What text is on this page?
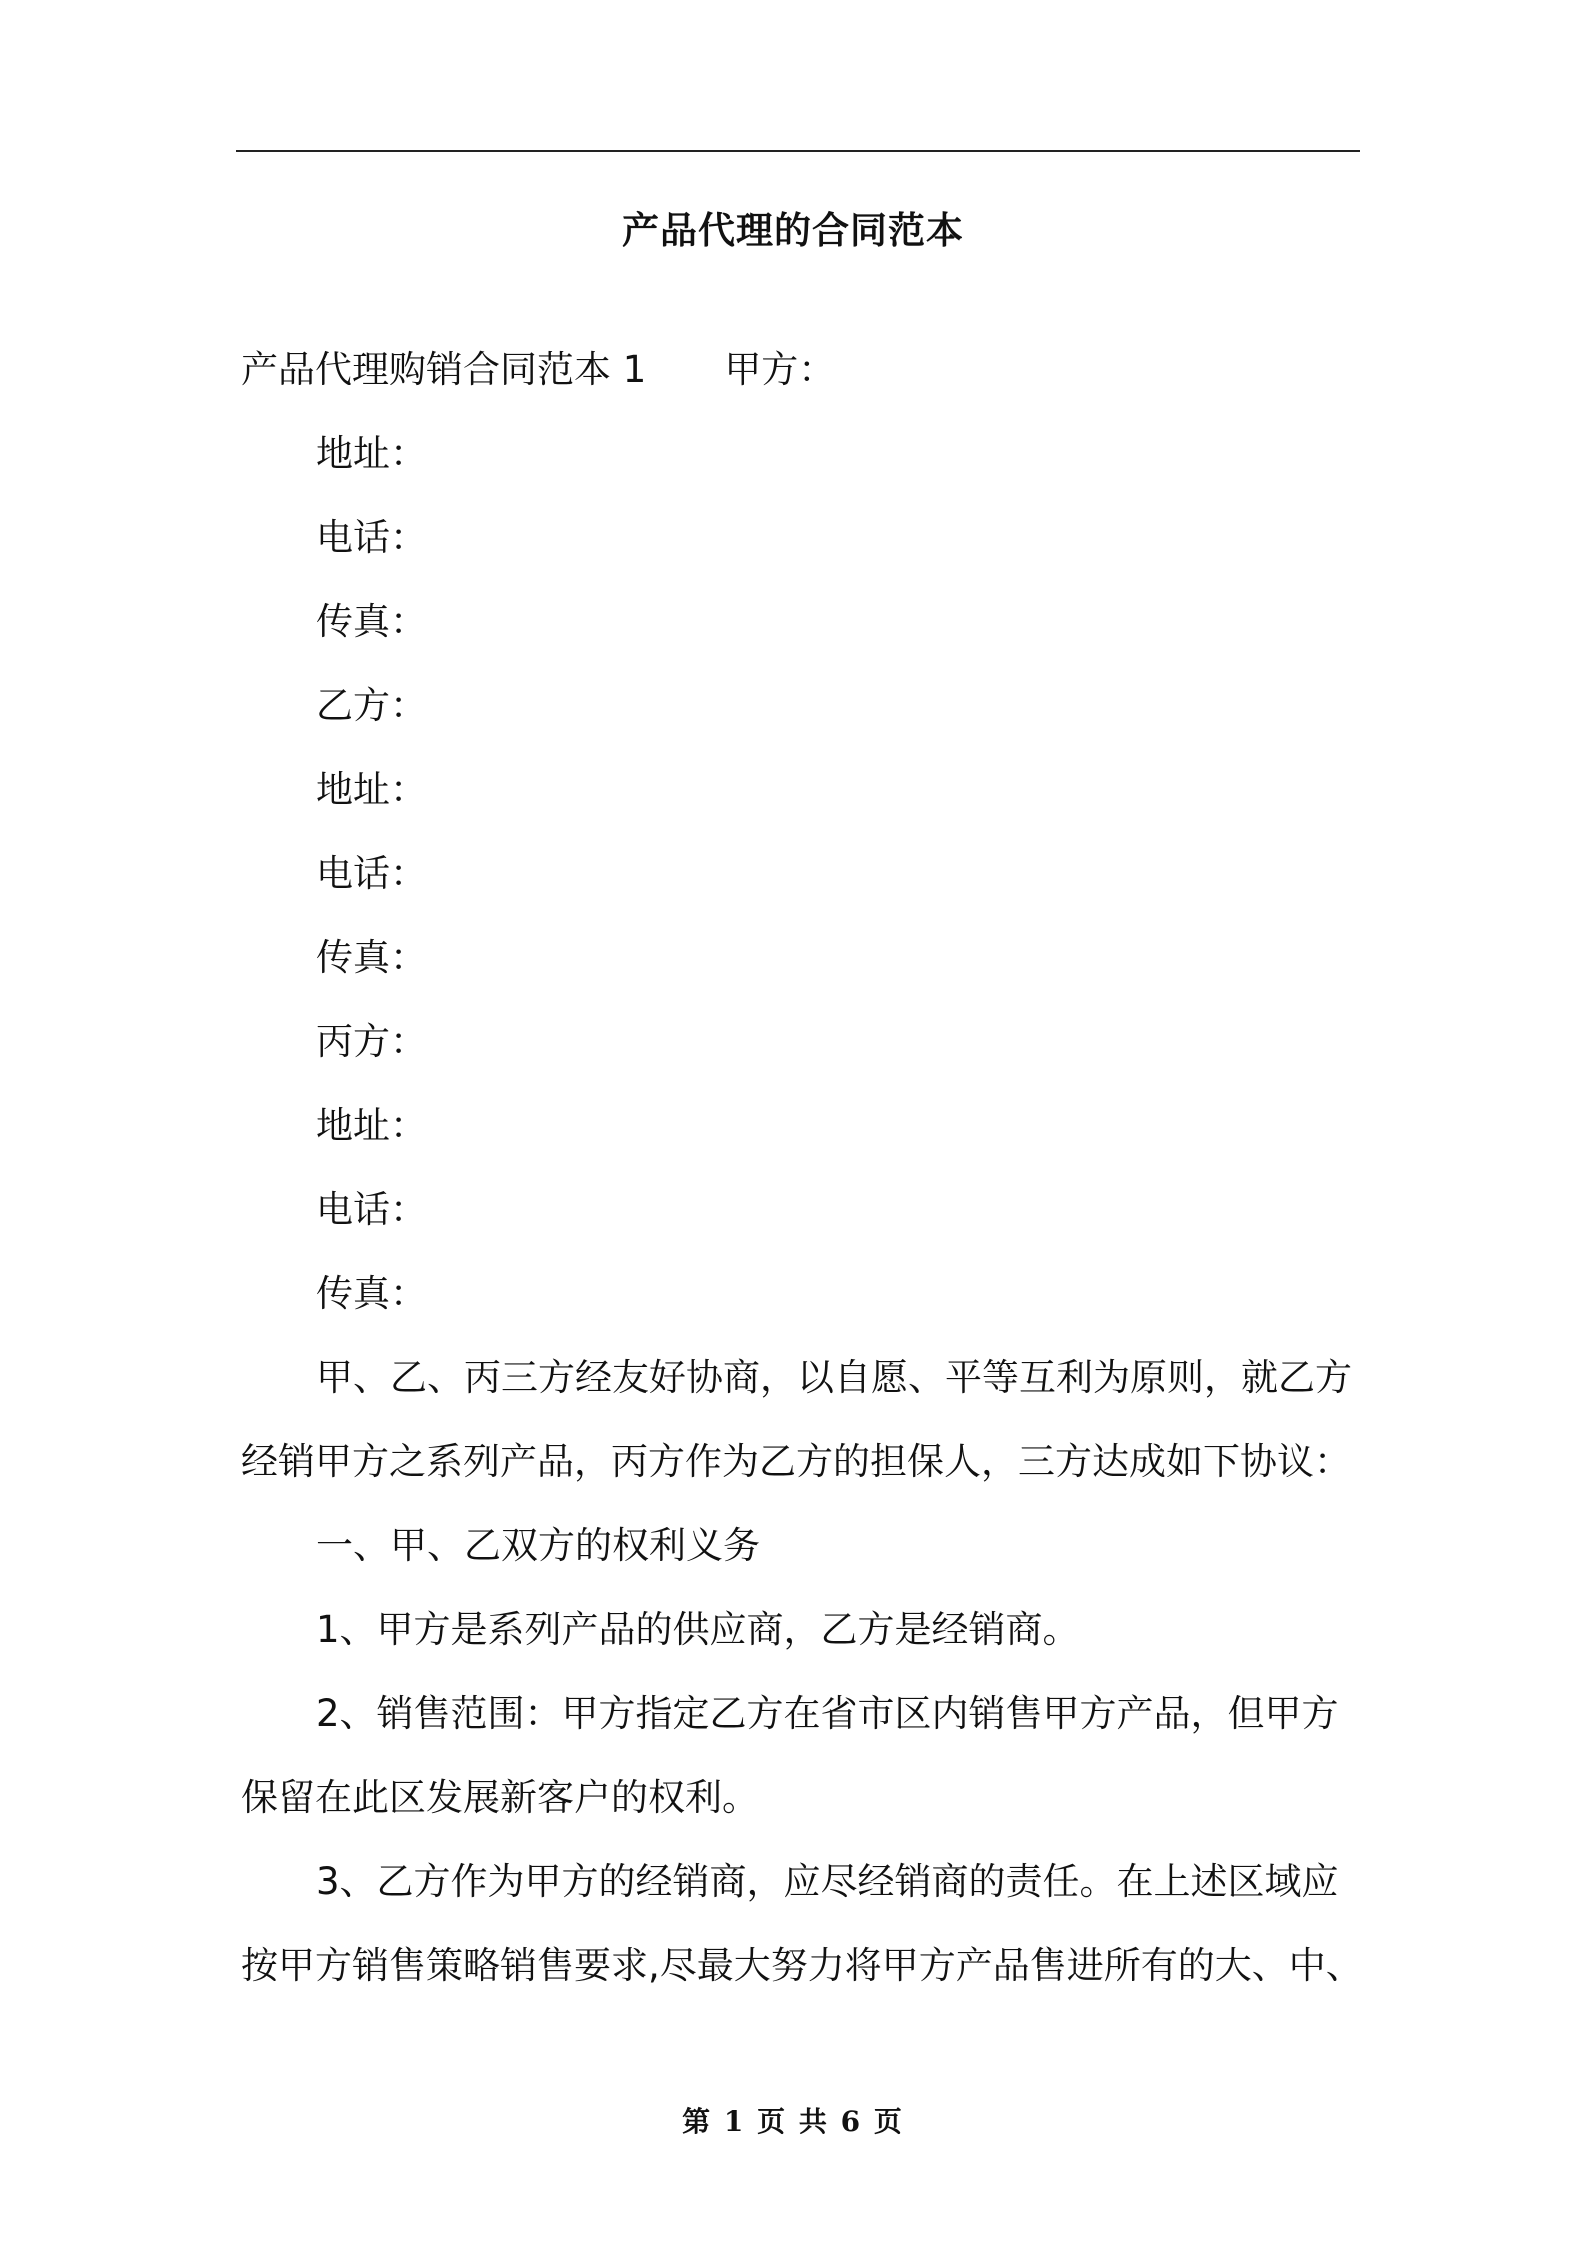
产品代理的合同范本
产品代理购销合同范本 1 甲方：
地址：
电话：
传真：
乙方：
地址：
电话：
传真：
丙方：
地址：
电话：
传真：
甲、乙、丙三方经友好协商，以自愿、平等互利为原则，就乙方
经销甲方之系列产品，丙方作为乙方的担保人，三方达成如下协议：
一、甲、乙双方的权利义务
1、甲方是系列产品的供应商，乙方是经销商。
2、销售范围：甲方指定乙方在省市区内销售甲方产品，但甲方
保留在此区发展新客户的权利。
3、乙方作为甲方的经销商，应尽经销商的责任。在上述区域应
按甲方销售策略销售要求,尽最大努力将甲方产品售进所有的大、中、
第 1 页 共 6 页
